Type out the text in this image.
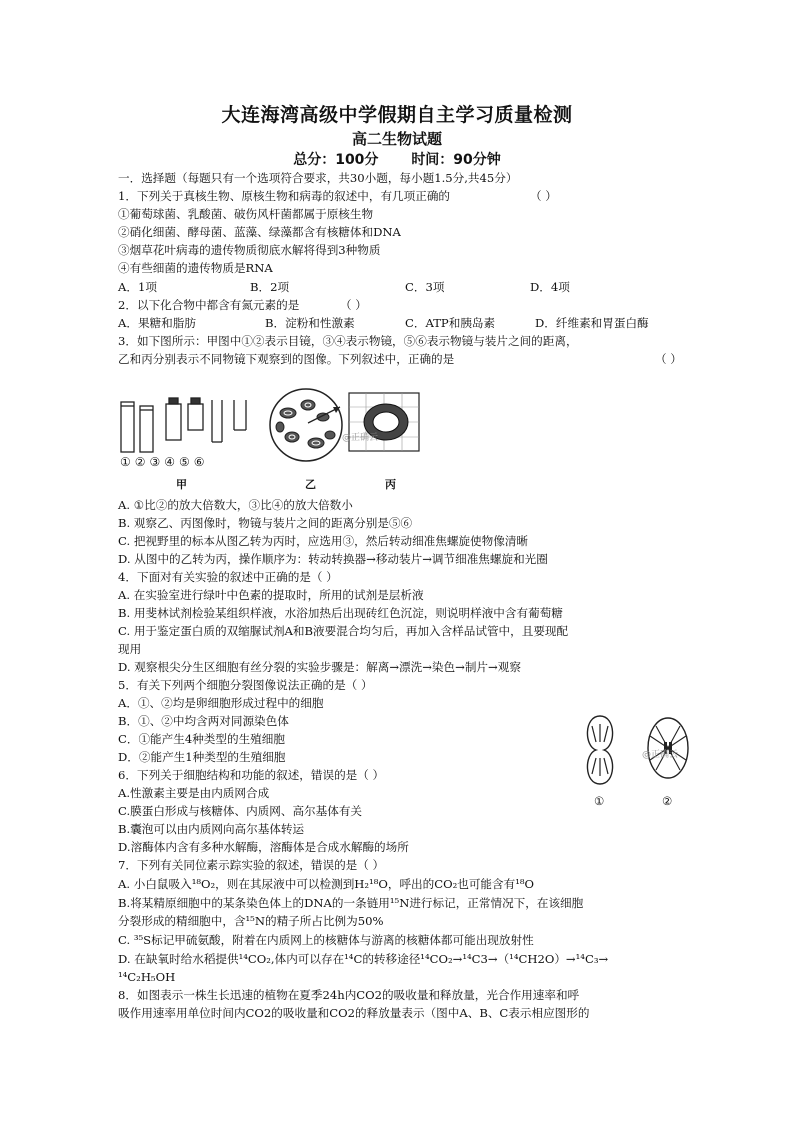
大连海湾高级中学假期自主学习质量检测
高二生物试题
总分：100分 时间：90分钟
一．选择题（每题只有一个选项符合要求，共30小题，每小题1.5分,共45分）
1．下列关于真核生物、原核生物和病毒的叙述中，有几项正确的	（ ）
①葡萄球菌、乳酸菌、破伤风杆菌都属于原核生物
②硝化细菌、酵母菌、蓝藻、绿藻都含有核糖体和DNA
③烟草花叶病毒的遗传物质彻底水解将得到3种物质
④有些细菌的遗传物质是RNA
A．1项	B．2项	C．3项	D．4项
2．以下化合物中都含有氮元素的是	（ ）
A．果糖和脂肪	B．淀粉和性激素	C．ATP和胰岛素	D．纤维素和胃蛋白酶
3．如下图所示：甲图中①②表示目镜，③④表示物镜，⑤⑥表示物镜与装片之间的距离，
乙和丙分别表示不同物镜下观察到的图像。下列叙述中，正确的是	（ ）
①②③④⑤⑥
@正确云
甲	乙	丙
A. ①比②的放大倍数大，③比④的放大倍数小
B. 观察乙、丙图像时，物镜与装片之间的距离分别是⑤⑥
C. 把视野里的标本从图乙转为丙时，应选用③，然后转动细准焦螺旋使物像清晰
D. 从图中的乙转为丙，操作顺序为：转动转换器→移动装片→调节细准焦螺旋和光圈
4．下面对有关实验的叙述中正确的是（ ）
A. 在实验室进行绿叶中色素的提取时，所用的试剂是层析液
B. 用斐林试剂检验某组织样液，水浴加热后出现砖红色沉淀，则说明样液中含有葡萄糖
C. 用于鉴定蛋白质的双缩脲试剂A和B液要混合均匀后，再加入含样品试管中，且要现配
现用
D. 观察根尖分生区细胞有丝分裂的实验步骤是：解离→漂洗→染色→制片→观察
5．有关下列两个细胞分裂图像说法正确的是（ ）
A．①、②均是卵细胞形成过程中的细胞
B．①、②中均含两对同源染色体
C．①能产生4种类型的生殖细胞
D．②能产生1种类型的生殖细胞	@正确云
①	②
6．下列关于细胞结构和功能的叙述，错误的是（ ）
A.性激素主要是由内质网合成
C.膜蛋白形成与核糖体、内质网、高尔基体有关
B.囊泡可以由内质网向高尔基体转运
D.溶酶体内含有多种水解酶，溶酶体是合成水解酶的场所
7．下列有关同位素示踪实验的叙述，错误的是（ ）
A. 小白鼠吸入¹⁸O₂，则在其尿液中可以检测到H₂¹⁸O，呼出的CO₂也可能含有¹⁸O
B.将某精原细胞中的某条染色体上的DNA的一条链用¹⁵N进行标记，正常情况下，在该细胞
分裂形成的精细胞中，含¹⁵N的精子所占比例为50%
C. ³⁵S标记甲硫氨酸，附着在内质网上的核糖体与游离的核糖体都可能出现放射性
D. 在缺氧时给水稻提供¹⁴CO₂,体内可以存在¹⁴C的转移途径¹⁴CO₂→¹⁴C3→（¹⁴CH2O）→¹⁴C₃→
¹⁴C₂H₅OH
8．如图表示一株生长迅速的植物在夏季24h内CO2的吸收量和释放量，光合作用速率和呼
吸作用速率用单位时间内CO2的吸收量和CO2的释放量表示（图中A、B、C表示相应图形的
